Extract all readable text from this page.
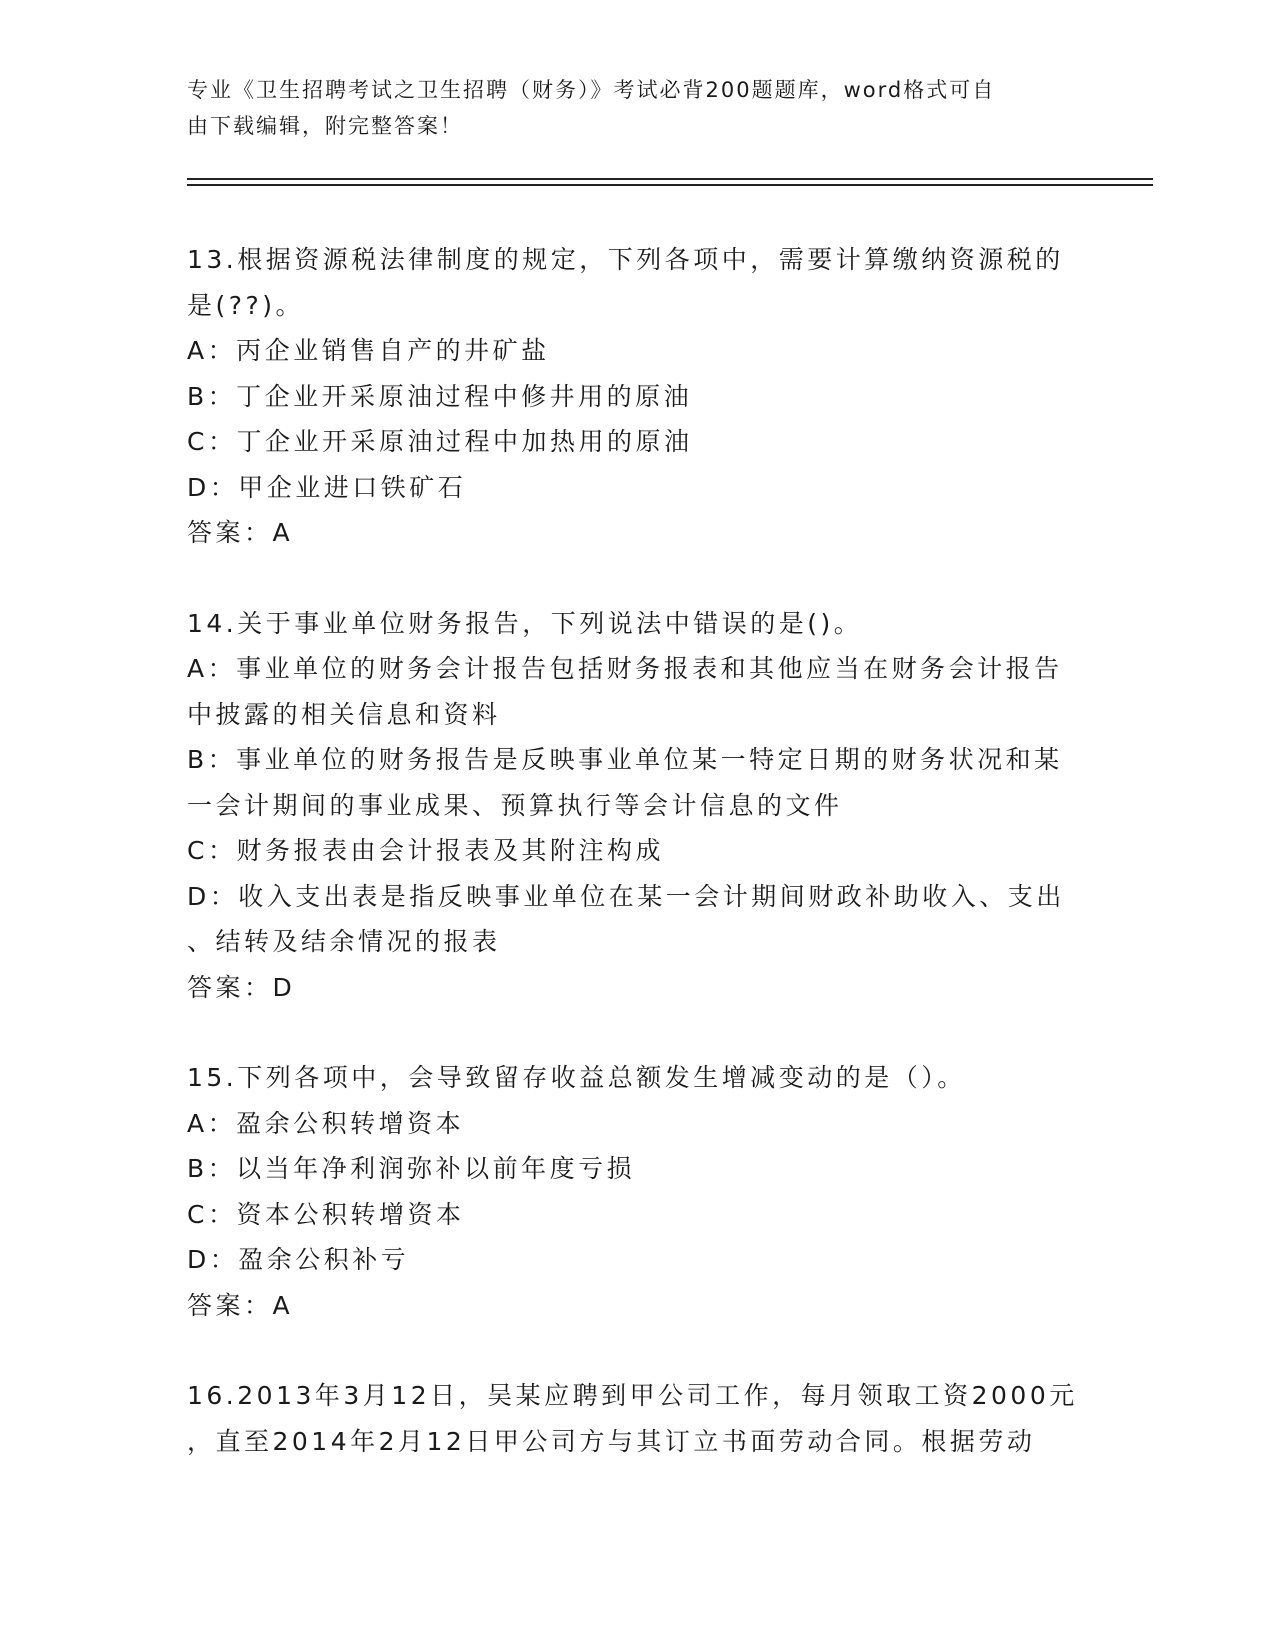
专业《卫生招聘考试之卫生招聘（财务）》考试必背200题题库，word格式可自
由下载编辑，附完整答案！
13.根据资源税法律制度的规定，下列各项中，需要计算缴纳资源税的
是(??)。
A：丙企业销售自产的井矿盐
B：丁企业开采原油过程中修井用的原油
C：丁企业开采原油过程中加热用的原油
D：甲企业进口铁矿石
答案：A
14.关于事业单位财务报告，下列说法中错误的是()。
A：事业单位的财务会计报告包括财务报表和其他应当在财务会计报告
中披露的相关信息和资料
B：事业单位的财务报告是反映事业单位某一特定日期的财务状况和某
一会计期间的事业成果、预算执行等会计信息的文件
C：财务报表由会计报表及其附注构成
D：收入支出表是指反映事业单位在某一会计期间财政补助收入、支出
、结转及结余情况的报表
答案：D
15.下列各项中，会导致留存收益总额发生增减变动的是（）。
A：盈余公积转增资本
B：以当年净利润弥补以前年度亏损
C：资本公积转增资本
D：盈余公积补亏
答案：A
16.2013年3月12日，吴某应聘到甲公司工作，每月领取工资2000元
，直至2014年2月12日甲公司方与其订立书面劳动合同。根据劳动
